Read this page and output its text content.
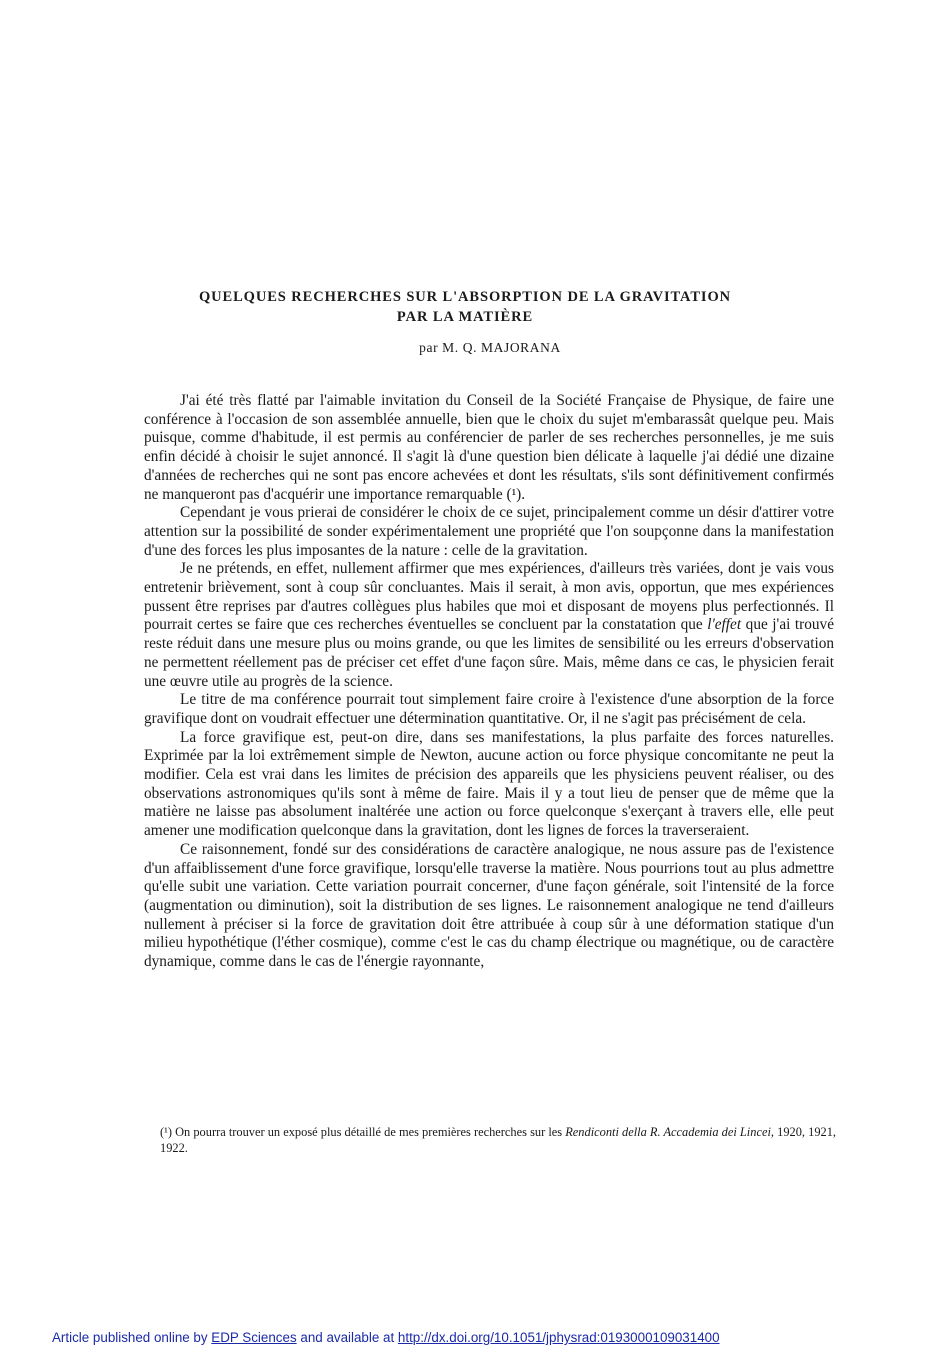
QUELQUES RECHERCHES SUR L'ABSORPTION DE LA GRAVITATION
PAR LA MATIÈRE
par M. Q. MAJORANA

J'ai été très flatté par l'aimable invitation du Conseil de la Société Française de Physique, de faire une conférence à l'occasion de son assemblée annuelle, bien que le choix du sujet m'embarassât quelque peu. Mais puisque, comme d'habitude, il est permis au conférencier de parler de ses recherches personnelles, je me suis enfin décidé à choisir le sujet annoncé. Il s'agit là d'une question bien délicate à laquelle j'ai dédié une dizaine d'années de recherches qui ne sont pas encore achevées et dont les résultats, s'ils sont définitivement confirmés ne manqueront pas d'acquérir une importance remarquable (¹).

Cependant je vous prierai de considérer le choix de ce sujet, principalement comme un désir d'attirer votre attention sur la possibilité de sonder expérimentalement une propriété que l'on soupçonne dans la manifestation d'une des forces les plus imposantes de la nature : celle de la gravitation.

Je ne prétends, en effet, nullement affirmer que mes expériences, d'ailleurs très variées, dont je vais vous entretenir brièvement, sont à coup sûr concluantes. Mais il serait, à mon avis, opportun, que mes expériences pussent être reprises par d'autres collègues plus habiles que moi et disposant de moyens plus perfectionnés. Il pourrait certes se faire que ces recherches éventuelles se concluent par la constatation que l'effet que j'ai trouvé reste réduit dans une mesure plus ou moins grande, ou que les limites de sensibilité ou les erreurs d'observation ne permettent réellement pas de préciser cet effet d'une façon sûre. Mais, même dans ce cas, le physicien ferait une œuvre utile au progrès de la science.

Le titre de ma conférence pourrait tout simplement faire croire à l'existence d'une absorption de la force gravifique dont on voudrait effectuer une détermination quantitative. Or, il ne s'agit pas précisément de cela.

La force gravifique est, peut-on dire, dans ses manifestations, la plus parfaite des forces naturelles. Exprimée par la loi extrêmement simple de Newton, aucune action ou force physique concomitante ne peut la modifier. Cela est vrai dans les limites de précision des appareils que les physiciens peuvent réaliser, ou des observations astronomiques qu'ils sont à même de faire. Mais il y a tout lieu de penser que de même que la matière ne laisse pas absolument inaltérée une action ou force quelconque s'exerçant à travers elle, elle peut amener une modification quelconque dans la gravitation, dont les lignes de forces la traverseraient.

Ce raisonnement, fondé sur des considérations de caractère analogique, ne nous assure pas de l'existence d'un affaiblissement d'une force gravifique, lorsqu'elle traverse la matière. Nous pourrions tout au plus admettre qu'elle subit une variation. Cette variation pourrait concerner, d'une façon générale, soit l'intensité de la force (augmentation ou diminution), soit la distribution de ses lignes. Le raisonnement analogique ne tend d'ailleurs nullement à préciser si la force de gravitation doit être attribuée à coup sûr à une déformation statique d'un milieu hypothétique (l'éther cosmique), comme c'est le cas du champ électrique ou magnétique, ou de caractère dynamique, comme dans le cas de l'énergie rayonnante,

(¹) On pourra trouver un exposé plus détaillé de mes premières recherches sur les Rendiconti della R. Accademia dei Lincei, 1920, 1921, 1922.
Article published online by EDP Sciences and available at http://dx.doi.org/10.1051/jphysrad:0193000109031400
